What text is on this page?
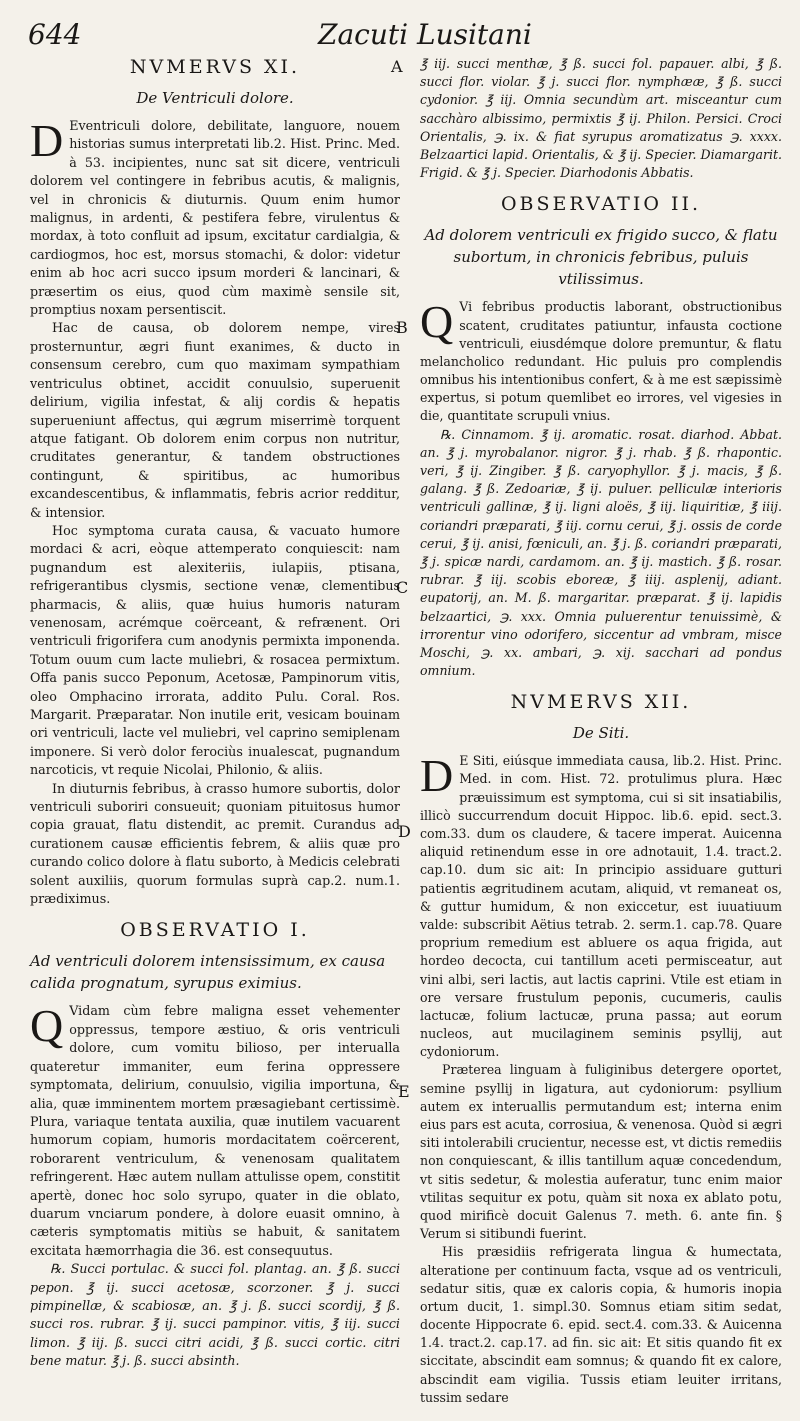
644	Zacuti Lusitani
A
B
C
D
E
NVMERVS XI.
De Ventriculi dolore.

D Eventriculi dolore, debilitate, languore, nouem historias sumus interpretati lib.2. Hist. Princ. Med. à 53. incipientes, nunc sat sit dicere, ventriculi dolorem vel contingere in febribus acutis, & malignis, vel in chronicis & diuturnis. Quum enim humor malignus, in ardenti, & pestifera febre, virulentus & mordax, à toto confluit ad ipsum, excitatur cardialgia, & cardiogmos, hoc est, morsus stomachi, & dolor: videtur enim ab hoc acri succo ipsum morderi & lancinari, & præsertim os eius, quod cùm maximè sensile sit, promptius noxam persentiscit.

Hac de causa, ob dolorem nempe, vires prosternuntur, ægri fiunt exanimes, & ducto in consensum cerebro, cum quo maximam sympathiam ventriculus obtinet, accidit conuulsio, superuenit delirium, vigilia infestat, & alij cordis & hepatis superueniunt affectus, qui ægrum miserrimè torquent atque fatigant. Ob dolorem enim corpus non nutritur, cruditates generantur, & tandem obstructiones contingunt, & spiritibus, ac humoribus excandescentibus, & inflammatis, febris acrior redditur, & intensior.

Hoc symptoma curata causa, & vacuato humore mordaci & acri, eòque attemperato conquiescit: nam pugnandum est alexiteriis, iulapiis, ptisana, refrigerantibus clysmis, sectione venæ, clementibus pharmacis, & aliis, quæ huius humoris naturam venenosam, acrémque coërceant, & refrænent. Ori ventriculi frigorifera cum anodynis permixta imponenda. Totum ouum cum lacte muliebri, & rosacea permixtum. Offa panis succo Peponum, Acetosæ, Pampinorum vitis, oleo Omphacino irrorata, addito Pulu. Coral. Ros. Margarit. Præparatar. Non inutile erit, vesicam bouinam ori ventriculi, lacte vel muliebri, vel caprino semiplenam imponere. Si verò dolor ferociùs inualescat, pugnandum narcoticis, vt requie Nicolai, Philonio, & aliis.

In diuturnis febribus, à crasso humore subortis, dolor ventriculi suboriri consueuit; quoniam pituitosus humor copia grauat, flatu distendit, ac premit. Curandus ad curationem causæ efficientis febrem, & aliis quæ pro curando colico dolore à flatu suborto, à Medicis celebrati solent auxiliis, quorum formulas suprà cap.2. num.1. prædiximus.

OBSERVATIO I.
Ad ventriculi dolorem intensissimum, ex causa calida prognatum, syrupus eximius.

Q Vidam cùm febre maligna esset vehementer oppressus, tempore æstiuo, & oris ventriculi dolore, cum vomitu bilioso, per interualla quateretur immaniter, eum ferina oppressere symptomata, delirium, conuulsio, vigilia importuna, & alia, quæ imminentem mortem præsagiebant certissimè. Plura, variaque tentata auxilia, quæ inutilem vacuarent humorum copiam, humoris mordacitatem coërcerent, roborarent ventriculum, & venenosam qualitatem refringerent. Hæc autem nullam attulisse opem, constitit apertè, donec hoc solo syrupo, quater in die oblato, duarum vnciarum pondere, à dolore euasit omnino, à cæteris symptomatis mitiùs se habuit, & sanitatem excitata hæmorrhagia die 36. est consequutus.

℞. Succi portulac. & succi fol. plantag. an. ℥ ß. succi pepon. ℥ ij. succi acetosæ, scorzoner. ℥ j. succi pimpinellæ, & scabiosæ, an. ℥ j. ß. succi scordij, ℥ ß. succi ros. rubrar. ℥ ij. succi pampinor. vitis, ℥ iij. succi limon. ℥ iij. ß. succi citri acidi, ℥ ß. succi cortic. citri bene matur. ℥ j. ß. succi absinth.

℥ iij. succi menthæ, ℥ ß. succi fol. papauer. albi, ℥ ß. succi flor. violar. ℥ j. succi flor. nymphææ, ℥ ß. succi cydonior. ℥ iij. Omnia secundùm art. misceantur cum sacchàro albissimo, permixtis ℥ ij. Philon. Persici. Croci Orientalis, ℈. ix. & fiat syrupus aromatizatus ℈. xxxx. Belzaartici lapid. Orientalis, & ℥ ij. Specier. Diamargarit. Frigid. & ℥ j. Specier. Diarhodonis Abbatis.

OBSERVATIO II.
Ad dolorem ventriculi ex frigido succo, & flatu subortum, in chronicis febribus, puluis vtilissimus.

Q Vi febribus productis laborant, obstructionibus scatent, cruditates patiuntur, infausta coctione ventriculi, eiusdémque dolore premuntur, & flatu melancholico redundant. Hic puluis pro complendis omnibus his intentionibus confert, & à me est sæpissimè expertus, si potum quemlibet eo irrores, vel vigesies in die, quantitate scrupuli vnius.

℞. Cinnamom. ℥ ij. aromatic. rosat. diarhod. Abbat. an. ℥ j. myrobalanor. nigror. ℥ j. rhab. ℥ ß. rhapontic. veri, ℥ ij. Zingiber. ℥ ß. caryophyllor. ℥ j. macis, ℥ ß. galang. ℥ ß. Zedoariæ, ℥ ij. puluer. pelliculæ interioris ventriculi gallinæ, ℥ ij. ligni aloës, ℥ iij. liquiritiæ, ℥ iiij. coriandri præparati, ℥ iij. cornu cerui, ℥ j. ossis de corde cerui, ℥ ij. anisi, fœniculi, an. ℥ j. ß. coriandri præparati, ℥ j. spicæ nardi, cardamom. an. ℥ ij. mastich. ℥ ß. rosar. rubrar. ℥ iij. scobis eboreæ, ℥ iiij. asplenij, adiant. eupatorij, an. M. ß. margaritar. præparat. ℥ ij. lapidis belzaartici, ℈. xxx. Omnia puluerentur tenuissimè, & irrorentur vino odorifero, siccentur ad vmbram, misce Moschi, ℈. xx. ambari, ℈. xij. sacchari ad pondus omnium.

NVMERVS XII.
De Siti.

D E Siti, eiúsque immediata causa, lib.2. Hist. Princ. Med. in com. Hist. 72. protulimus plura. Hæc præuissimum est symptoma, cui si sit insatiabilis, illicò succurrendum docuit Hippoc. lib.6. epid. sect.3. com.33. dum os claudere, & tacere imperat. Auicenna aliquid retinendum esse in ore adnotauit, 1.4. tract.2. cap.10. dum sic ait: In principio assiduare gutturi patientis ægritudinem acutam, aliquid, vt remaneat os, & guttur humidum, & non exiccetur, est iuuatiuum valde: subscribit Aëtius tetrab. 2. serm.1. cap.78. Quare proprium remedium est abluere os aqua frigida, aut hordeo decocta, cui tantillum aceti permisceatur, aut vini albi, seri lactis, aut lactis caprini. Vtile est etiam in ore versare frustulum peponis, cucumeris, caulis lactucæ, folium lactucæ, pruna passa; aut eorum nucleos, aut mucilaginem seminis psyllij, aut cydoniorum.

Præterea linguam à fuliginibus detergere oportet, semine psyllij in ligatura, aut cydoniorum: psyllium autem ex interuallis permutandum est; interna enim eius pars est acuta, corrosiua, & venenosa. Quòd si ægri siti intolerabili crucientur, necesse est, vt dictis remediis non conquiescant, & illis tantillum aquæ concedendum, vt sitis sedetur, & molestia auferatur, tunc enim maior vtilitas sequitur ex potu, quàm sit noxa ex ablato potu, quod mirificè docuit Galenus 7. meth. 6. ante fin. § Verum si sitibundi fuerint.

His præsidiis refrigerata lingua & humectata, alteratione per continuum facta, vsque ad os ventriculi, sedatur sitis, quæ ex caloris copia, & humoris inopia ortum ducit, 1. simpl.30. Somnus etiam sitim sedat, docente Hippocrate 6. epid. sect.4. com.33. & Auicenna 1.4. tract.2. cap.17. ad fin. sic ait: Et sitis quando fit ex siccitate, abscindit eam somnus; & quando fit ex calore, abscindit eam vigilia. Tussis etiam leuiter irritans, tussim sedare
